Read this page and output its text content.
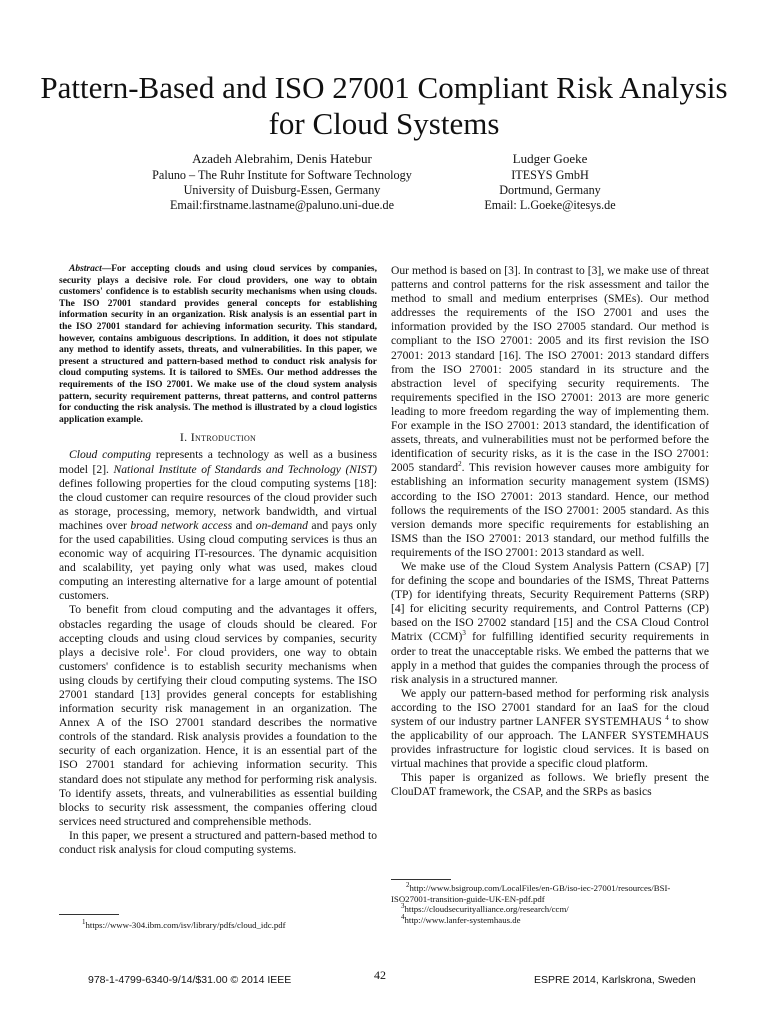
Pattern-Based and ISO 27001 Compliant Risk Analysis for Cloud Systems
Azadeh Alebrahim, Denis Hatebur
Paluno – The Ruhr Institute for Software Technology
University of Duisburg-Essen, Germany
Email:firstname.lastname@paluno.uni-due.de
Ludger Goeke
ITESYS GmbH
Dortmund, Germany
Email: L.Goeke@itesys.de

Abstract—For accepting clouds and using cloud services by companies, security plays a decisive role. For cloud providers, one way to obtain customers' confidence is to establish security mechanisms when using clouds. The ISO 27001 standard provides general concepts for establishing information security in an organization. Risk analysis is an essential part in the ISO 27001 standard for achieving information security. This standard, however, contains ambiguous descriptions. In addition, it does not stipulate any method to identify assets, threats, and vulnerabilities. In this paper, we present a structured and pattern-based method to conduct risk analysis for cloud computing systems. It is tailored to SMEs. Our method addresses the requirements of the ISO 27001. We make use of the cloud system analysis pattern, security requirement patterns, threat patterns, and control patterns for conducting the risk analysis. The method is illustrated by a cloud logistics application example.

I. Introduction

Cloud computing represents a technology as well as a business model [2]. National Institute of Standards and Technology (NIST) defines following properties for the cloud computing systems [18]: the cloud customer can require resources of the cloud provider such as storage, processing, memory, network bandwidth, and virtual machines over broad network access and on-demand and pays only for the used capabilities. Using cloud computing services is thus an economic way of acquiring IT-resources. The dynamic acquisition and scalability, yet paying only what was used, makes cloud computing an interesting alternative for a large amount of potential customers.

To benefit from cloud computing and the advantages it offers, obstacles regarding the usage of clouds should be cleared. For accepting clouds and using cloud services by companies, security plays a decisive role$^1$. For cloud providers, one way to obtain customers' confidence is to establish security mechanisms when using clouds by certifying their cloud computing systems. The ISO 27001 standard [13] provides general concepts for establishing information security risk management in an organization. The Annex A of the ISO 27001 standard describes the normative controls of the standard. Risk analysis provides a foundation to the security of each organization. Hence, it is an essential part of the ISO 27001 standard for achieving information security. This standard does not stipulate any method for performing risk analysis. To identify assets, threats, and vulnerabilities as essential building blocks to security risk assessment, the companies offering cloud services need structured and comprehensible methods.

In this paper, we present a structured and pattern-based method to conduct risk analysis for cloud computing systems.

Our method is based on [3]. In contrast to [3], we make use of threat patterns and control patterns for the risk assessment and tailor the method to small and medium enterprises (SMEs). Our method addresses the requirements of the ISO 27001 and uses the information provided by the ISO 27005 standard. Our method is compliant to the ISO 27001: 2005 and its first revision the ISO 27001: 2013 standard [16]. The ISO 27001: 2013 standard differs from the ISO 27001: 2005 standard in its structure and the abstraction level of specifying security requirements. The requirements specified in the ISO 27001: 2013 are more generic leading to more freedom regarding the way of implementing them. For example in the ISO 27001: 2013 standard, the identification of assets, threats, and vulnerabilities must not be performed before the identification of security risks, as it is the case in the ISO 27001: 2005 standard$^2$. This revision however causes more ambiguity for establishing an information security management system (ISMS) according to the ISO 27001: 2013 standard. Hence, our method follows the requirements of the ISO 27001: 2005 standard. As this version demands more specific requirements for establishing an ISMS than the ISO 27001: 2013 standard, our method fulfills the requirements of the ISO 27001: 2013 standard as well.

We make use of the Cloud System Analysis Pattern (CSAP) [7] for defining the scope and boundaries of the ISMS, Threat Patterns (TP) for identifying threats, Security Requirement Patterns (SRP) [4] for eliciting security requirements, and Control Patterns (CP) based on the ISO 27002 standard [15] and the CSA Cloud Control Matrix (CCM)$^3$ for fulfilling identified security requirements in order to treat the unacceptable risks. We embed the patterns that we apply in a method that guides the companies through the process of risk analysis in a structured manner.

We apply our pattern-based method for performing risk analysis according to the ISO 27001 standard for an IaaS for the cloud system of our industry partner LANFER SYSTEMHAUS $^4$ to show the applicability of our approach. The LANFER SYSTEMHAUS provides infrastructure for logistic cloud services. It is based on virtual machines that provide a specific cloud platform.

This paper is organized as follows. We briefly present the ClouDAT framework, the CSAP, and the SRPs as basics

$^1$https://www-304.ibm.com/isv/library/pdfs/cloud_idc.pdf
$^2$http://www.bsigroup.com/LocalFiles/en-GB/iso-iec-27001/resources/BSI-ISO27001-transition-guide-UK-EN-pdf.pdf
$^3$https://cloudsecurityalliance.org/research/ccm/
$^4$http://www.lanfer-systemhaus.de
978-1-4799-6340-9/14/$31.00 © 2014 IEEE	42	ESPRE 2014, Karlskrona, Sweden
